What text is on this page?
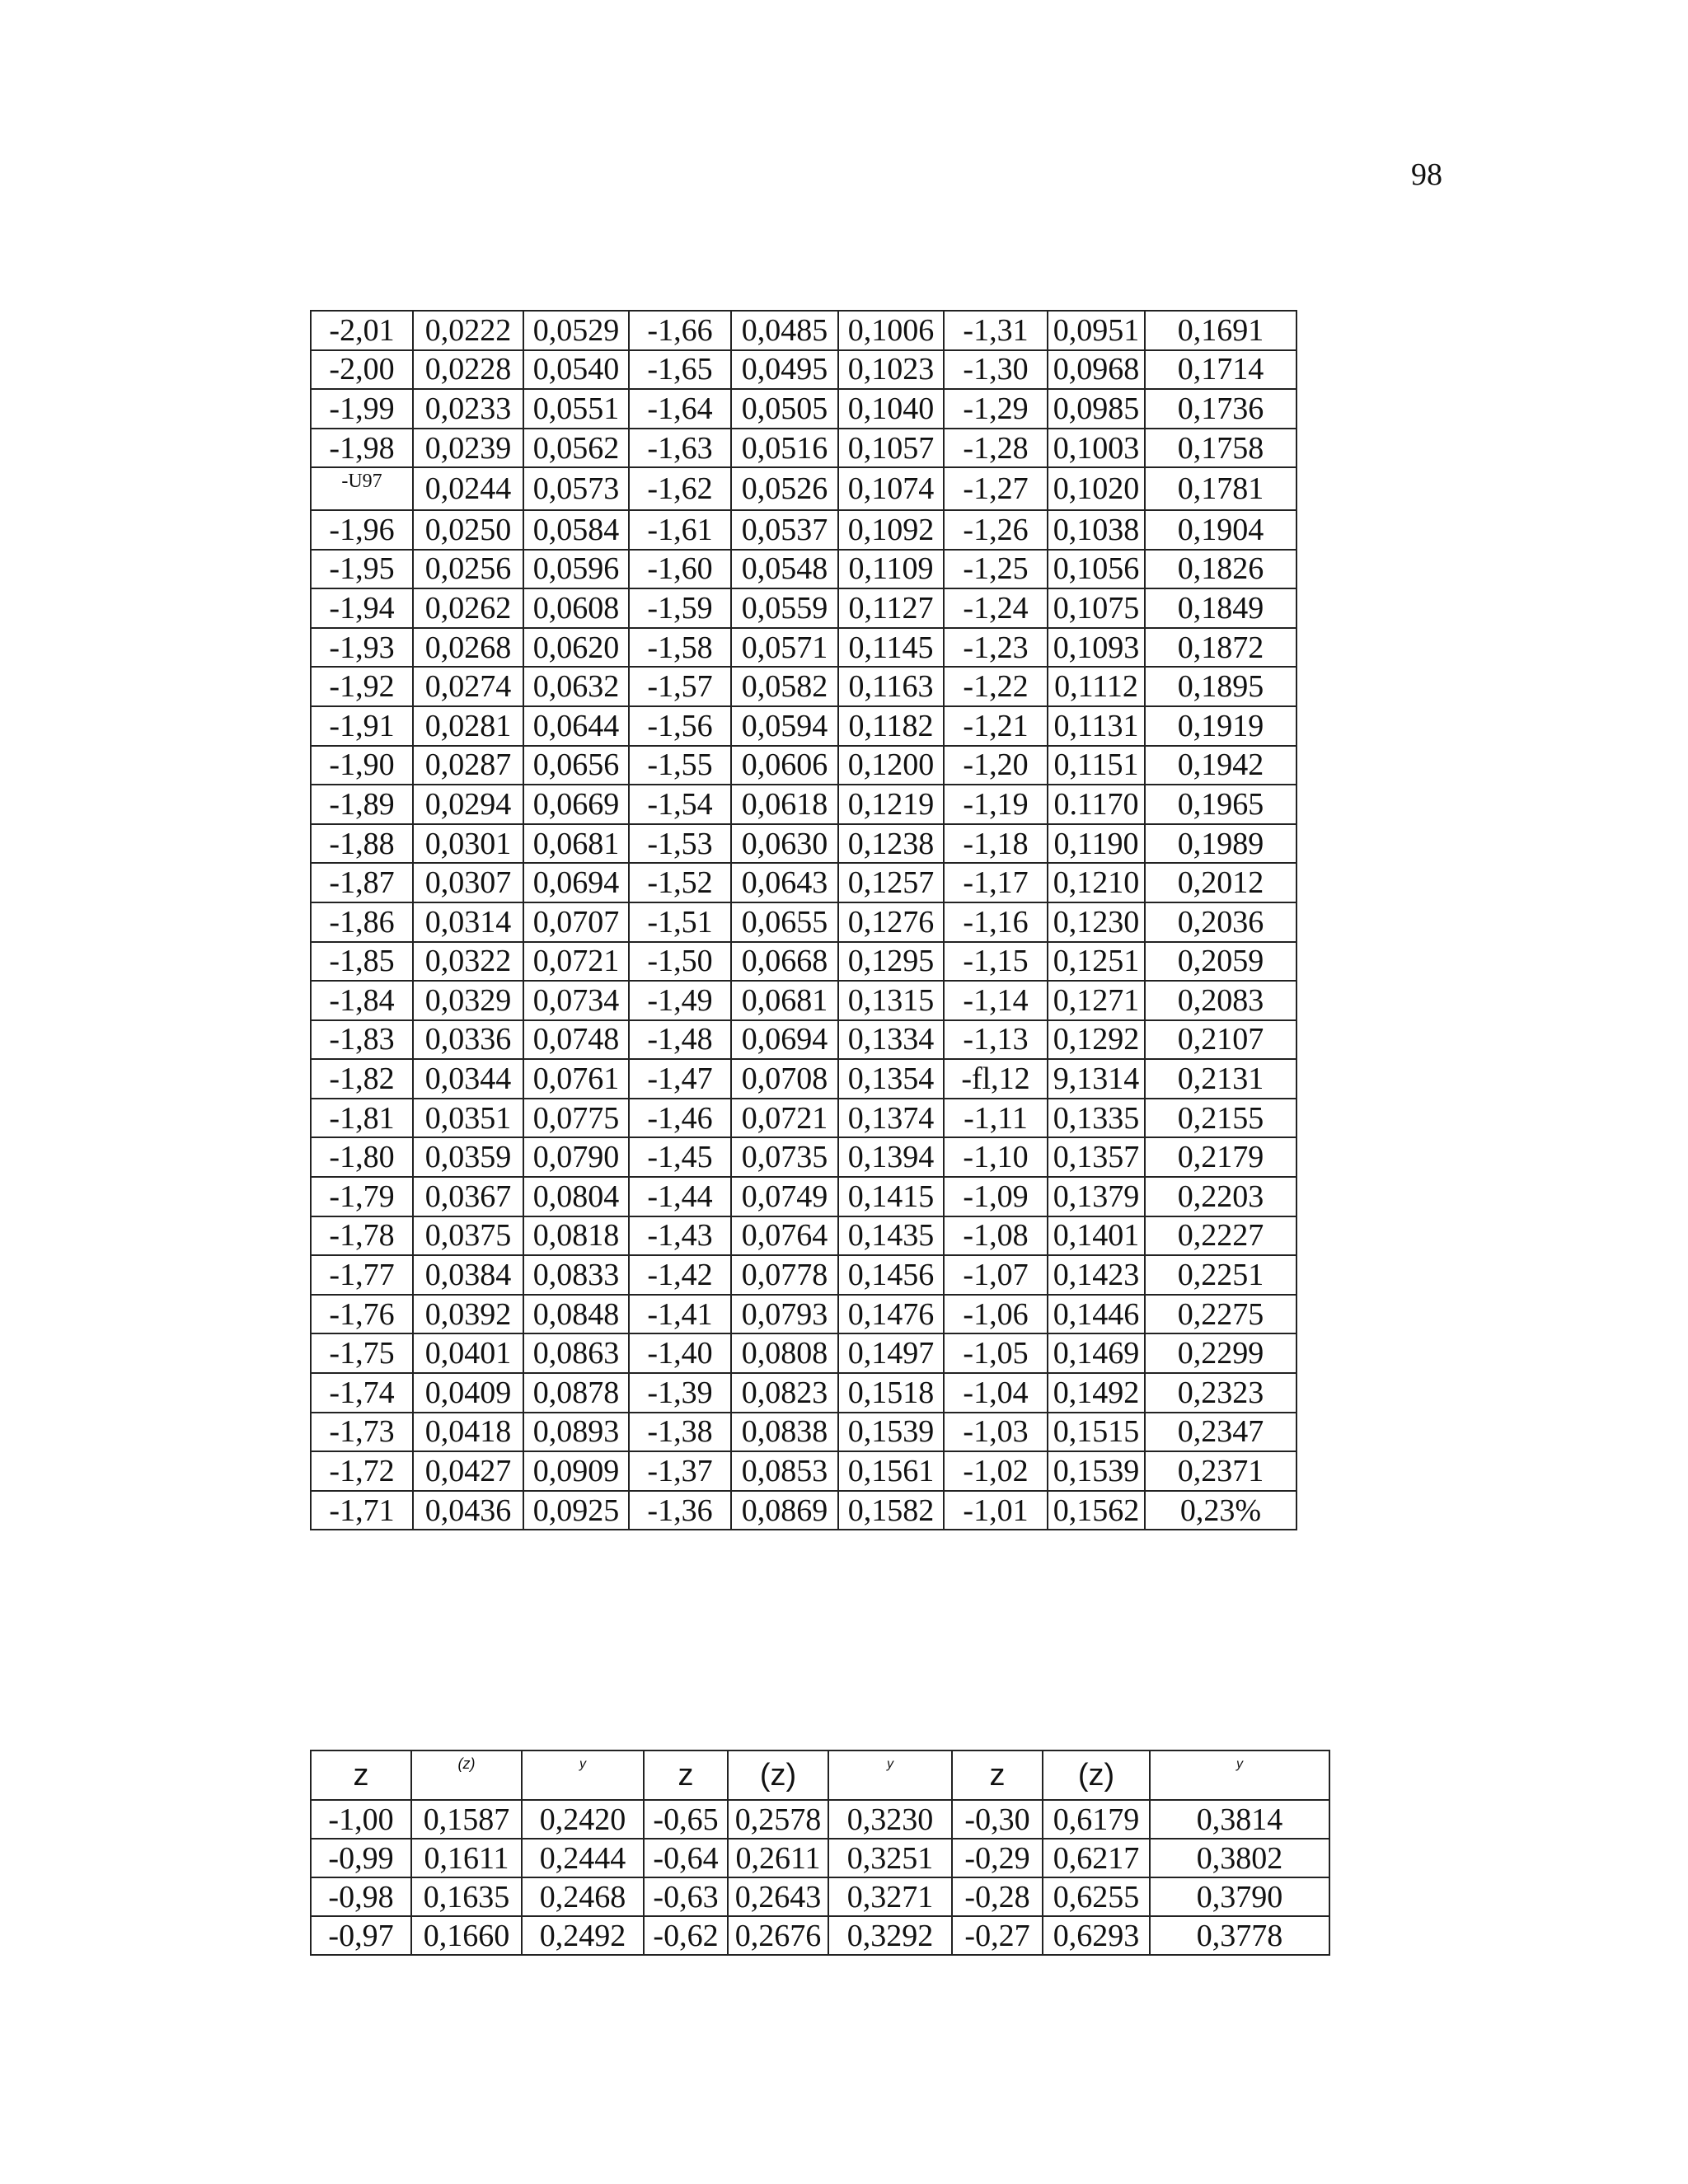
98
-2,01	0,0222	0,0529	-1,66	0,0485	0,1006	-1,31	0,0951	0,1691
-2,00	0,0228	0,0540	-1,65	0,0495	0,1023	-1,30	0,0968	0,1714
-1,99	0,0233	0,0551	-1,64	0,0505	0,1040	-1,29	0,0985	0,1736
-1,98	0,0239	0,0562	-1,63	0,0516	0,1057	-1,28	0,1003	0,1758
-U97	0,0244	0,0573	-1,62	0,0526	0,1074	-1,27	0,1020	0,1781
-1,96	0,0250	0,0584	-1,61	0,0537	0,1092	-1,26	0,1038	0,1904
-1,95	0,0256	0,0596	-1,60	0,0548	0,1109	-1,25	0,1056	0,1826
-1,94	0,0262	0,0608	-1,59	0,0559	0,1127	-1,24	0,1075	0,1849
-1,93	0,0268	0,0620	-1,58	0,0571	0,1145	-1,23	0,1093	0,1872
-1,92	0,0274	0,0632	-1,57	0,0582	0,1163	-1,22	0,1112	0,1895
-1,91	0,0281	0,0644	-1,56	0,0594	0,1182	-1,21	0,1131	0,1919
-1,90	0,0287	0,0656	-1,55	0,0606	0,1200	-1,20	0,1151	0,1942
-1,89	0,0294	0,0669	-1,54	0,0618	0,1219	-1,19	0.1170	0,1965
-1,88	0,0301	0,0681	-1,53	0,0630	0,1238	-1,18	0,1190	0,1989
-1,87	0,0307	0,0694	-1,52	0,0643	0,1257	-1,17	0,1210	0,2012
-1,86	0,0314	0,0707	-1,51	0,0655	0,1276	-1,16	0,1230	0,2036
-1,85	0,0322	0,0721	-1,50	0,0668	0,1295	-1,15	0,1251	0,2059
-1,84	0,0329	0,0734	-1,49	0,0681	0,1315	-1,14	0,1271	0,2083
-1,83	0,0336	0,0748	-1,48	0,0694	0,1334	-1,13	0,1292	0,2107
-1,82	0,0344	0,0761	-1,47	0,0708	0,1354	-fl,12	9,1314	0,2131
-1,81	0,0351	0,0775	-1,46	0,0721	0,1374	-1,11	0,1335	0,2155
-1,80	0,0359	0,0790	-1,45	0,0735	0,1394	-1,10	0,1357	0,2179
-1,79	0,0367	0,0804	-1,44	0,0749	0,1415	-1,09	0,1379	0,2203
-1,78	0,0375	0,0818	-1,43	0,0764	0,1435	-1,08	0,1401	0,2227
-1,77	0,0384	0,0833	-1,42	0,0778	0,1456	-1,07	0,1423	0,2251
-1,76	0,0392	0,0848	-1,41	0,0793	0,1476	-1,06	0,1446	0,2275
-1,75	0,0401	0,0863	-1,40	0,0808	0,1497	-1,05	0,1469	0,2299
-1,74	0,0409	0,0878	-1,39	0,0823	0,1518	-1,04	0,1492	0,2323
-1,73	0,0418	0,0893	-1,38	0,0838	0,1539	-1,03	0,1515	0,2347
-1,72	0,0427	0,0909	-1,37	0,0853	0,1561	-1,02	0,1539	0,2371
-1,71	0,0436	0,0925	-1,36	0,0869	0,1582	-1,01	0,1562	0,23%
z	(z)	y	z	(z)	y	z	(z)	y
-1,00	0,1587	0,2420	-0,65	0,2578	0,3230	-0,30	0,6179	0,3814
-0,99	0,1611	0,2444	-0,64	0,2611	0,3251	-0,29	0,6217	0,3802
-0,98	0,1635	0,2468	-0,63	0,2643	0,3271	-0,28	0,6255	0,3790
-0,97	0,1660	0,2492	-0,62	0,2676	0,3292	-0,27	0,6293	0,3778
